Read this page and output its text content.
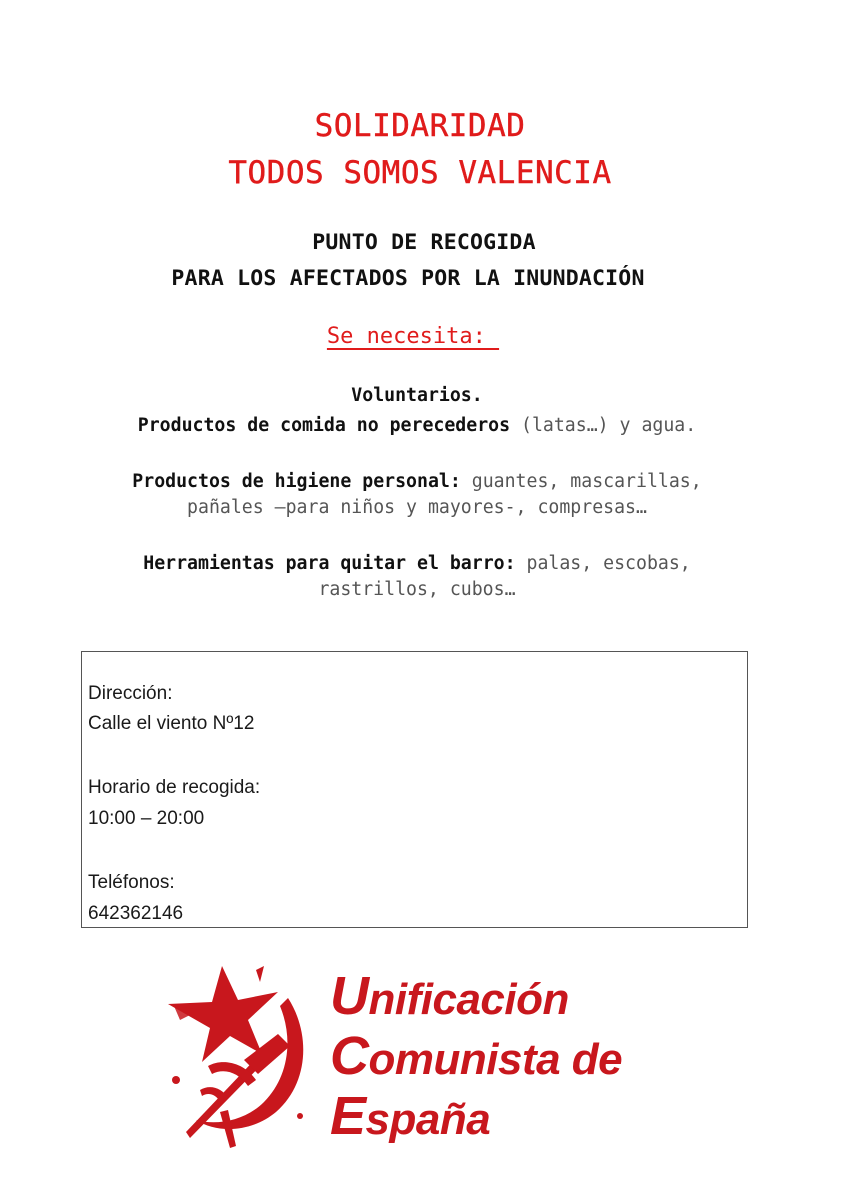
SOLIDARIDAD
TODOS SOMOS VALENCIA
PUNTO DE RECOGIDA
PARA LOS AFECTADOS POR LA INUNDACIÓN
Se necesita:
Voluntarios.
Productos de comida no perecederos (latas…) y agua.
Productos de higiene personal: guantes, mascarillas, pañales –para niños y mayores-, compresas…
Herramientas para quitar el barro: palas, escobas, rastrillos, cubos…
Dirección:
Calle el viento Nº12
Horario de recogida:
10:00 – 20:00
Teléfonos:
642362146
Unificación
Comunista de
España
